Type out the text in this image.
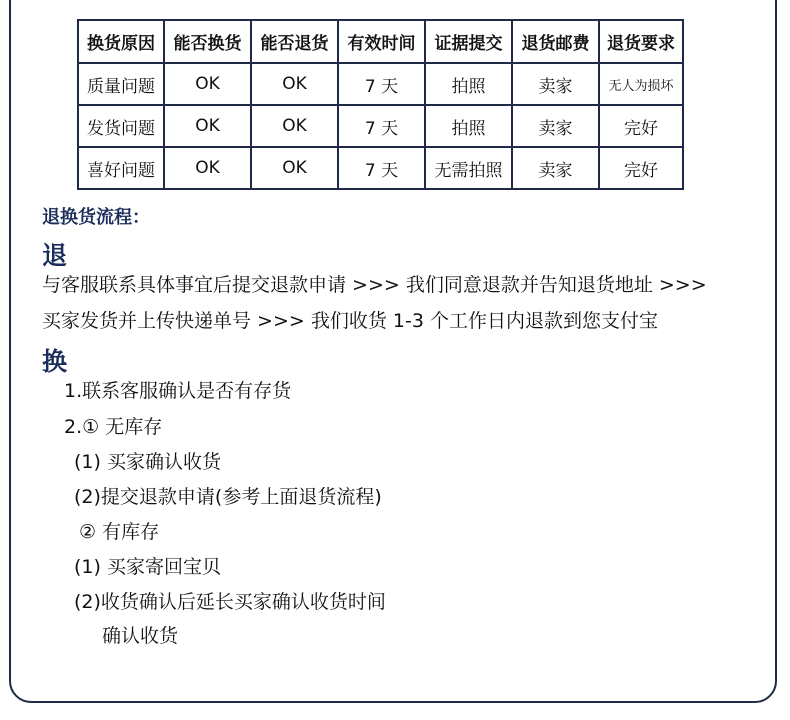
换货原因	能否换货	能否退货	有效时间	证据提交	退货邮费	退货要求
质量问题	OK	OK	7 天	拍照	卖家	无人为损坏
发货问题	OK	OK	7 天	拍照	卖家	完好
喜好问题	OK	OK	7 天	无需拍照	卖家	完好
退换货流程：
退
与客服联系具体事宜后提交退款申请 >>> 我们同意退款并告知退货地址 >>>
买家发货并上传快递单号 >>> 我们收货 1-3 个工作日内退款到您支付宝
换
1.联系客服确认是否有存货
2.① 无库存
(1) 买家确认收货
(2)提交退款申请(参考上面退货流程)
② 有库存
(1) 买家寄回宝贝
(2)收货确认后延长买家确认收货时间
确认收货
